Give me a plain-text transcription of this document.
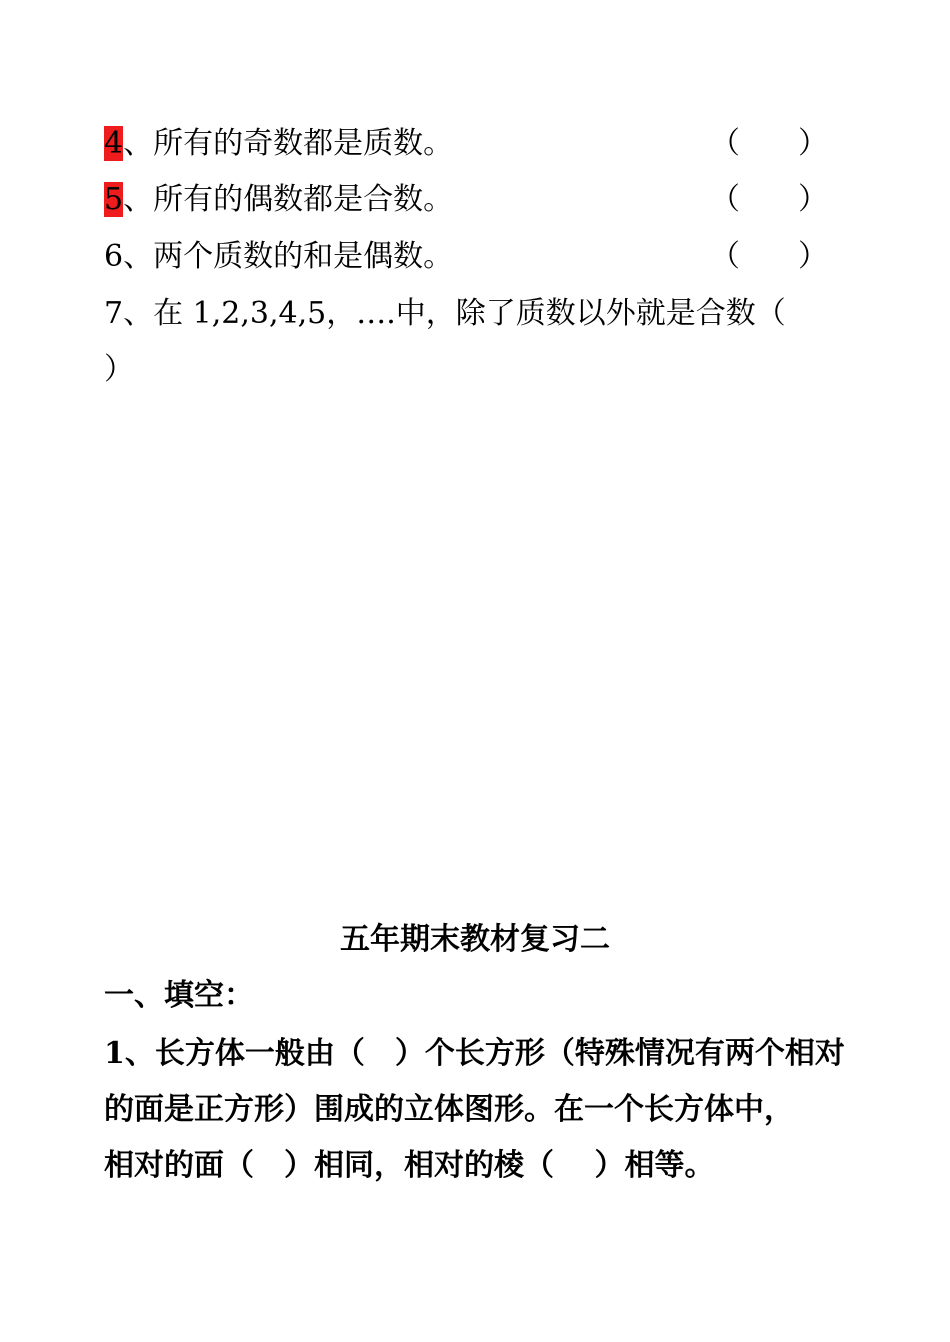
4、所有的奇数都是质数。	（ ）
5、所有的偶数都是合数。	（ ）
6、两个质数的和是偶数。	（ ）
7、在 1,2,3,4,5，….中，除了质数以外就是合数（
）
五年期末教材复习二
一、填空：
1、长方体一般由（　）个长方形（特殊情况有两个相对
的面是正方形）围成的立体图形。在一个长方体中，
相对的面（　）相同，相对的棱（　 ）相等。
